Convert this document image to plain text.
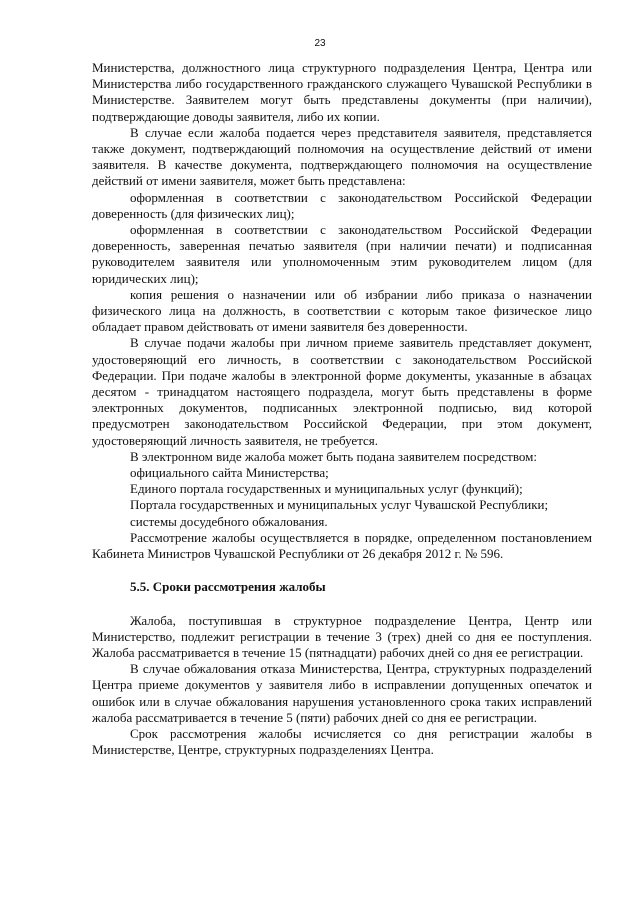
23

Министерства, должностного лица структурного подразделения Центра, Центра или Министерства либо государственного гражданского служащего Чувашской Республики в Министерстве. Заявителем могут быть представлены документы (при наличии), подтверждающие доводы заявителя, либо их копии.

В случае если жалоба подается через представителя заявителя, представляется также документ, подтверждающий полномочия на осуществление действий от имени заявителя. В качестве документа, подтверждающего полномочия на осуществление действий от имени заявителя, может быть представлена:

оформленная в соответствии с законодательством Российской Федерации доверенность (для физических лиц);

оформленная в соответствии с законодательством Российской Федерации доверенность, заверенная печатью заявителя (при наличии печати) и подписанная руководителем заявителя или уполномоченным этим руководителем лицом (для юридических лиц);

копия решения о назначении или об избрании либо приказа о назначении физического лица на должность, в соответствии с которым такое физическое лицо обладает правом действовать от имени заявителя без доверенности.

В случае подачи жалобы при личном приеме заявитель представляет документ, удостоверяющий его личность, в соответствии с законодательством Российской Федерации. При подаче жалобы в электронной форме документы, указанные в абзацах десятом - тринадцатом настоящего подраздела, могут быть представлены в форме электронных документов, подписанных электронной подписью, вид которой предусмотрен законодательством Российской Федерации, при этом документ, удостоверяющий личность заявителя, не требуется.

В электронном виде жалоба может быть подана заявителем посредством:

официального сайта Министерства;

Единого портала государственных и муниципальных услуг (функций);

Портала государственных и муниципальных услуг Чувашской Республики;

системы досудебного обжалования.

Рассмотрение жалобы осуществляется в порядке, определенном постановлением Кабинета Министров Чувашской Республики от 26 декабря 2012 г. № 596.

5.5. Сроки рассмотрения жалобы

Жалоба, поступившая в структурное подразделение Центра, Центр или Министерство, подлежит регистрации в течение 3 (трех) дней со дня ее поступления. Жалоба рассматривается в течение 15 (пятнадцати) рабочих дней со дня ее регистрации.

В случае обжалования отказа Министерства, Центра, структурных подразделений Центра приеме документов у заявителя либо в исправлении допущенных опечаток и ошибок или в случае обжалования нарушения установленного срока таких исправлений жалоба рассматривается в течение 5 (пяти) рабочих дней со дня ее регистрации.

Срок рассмотрения жалобы исчисляется со дня регистрации жалобы в Министерстве, Центре, структурных подразделениях Центра.
